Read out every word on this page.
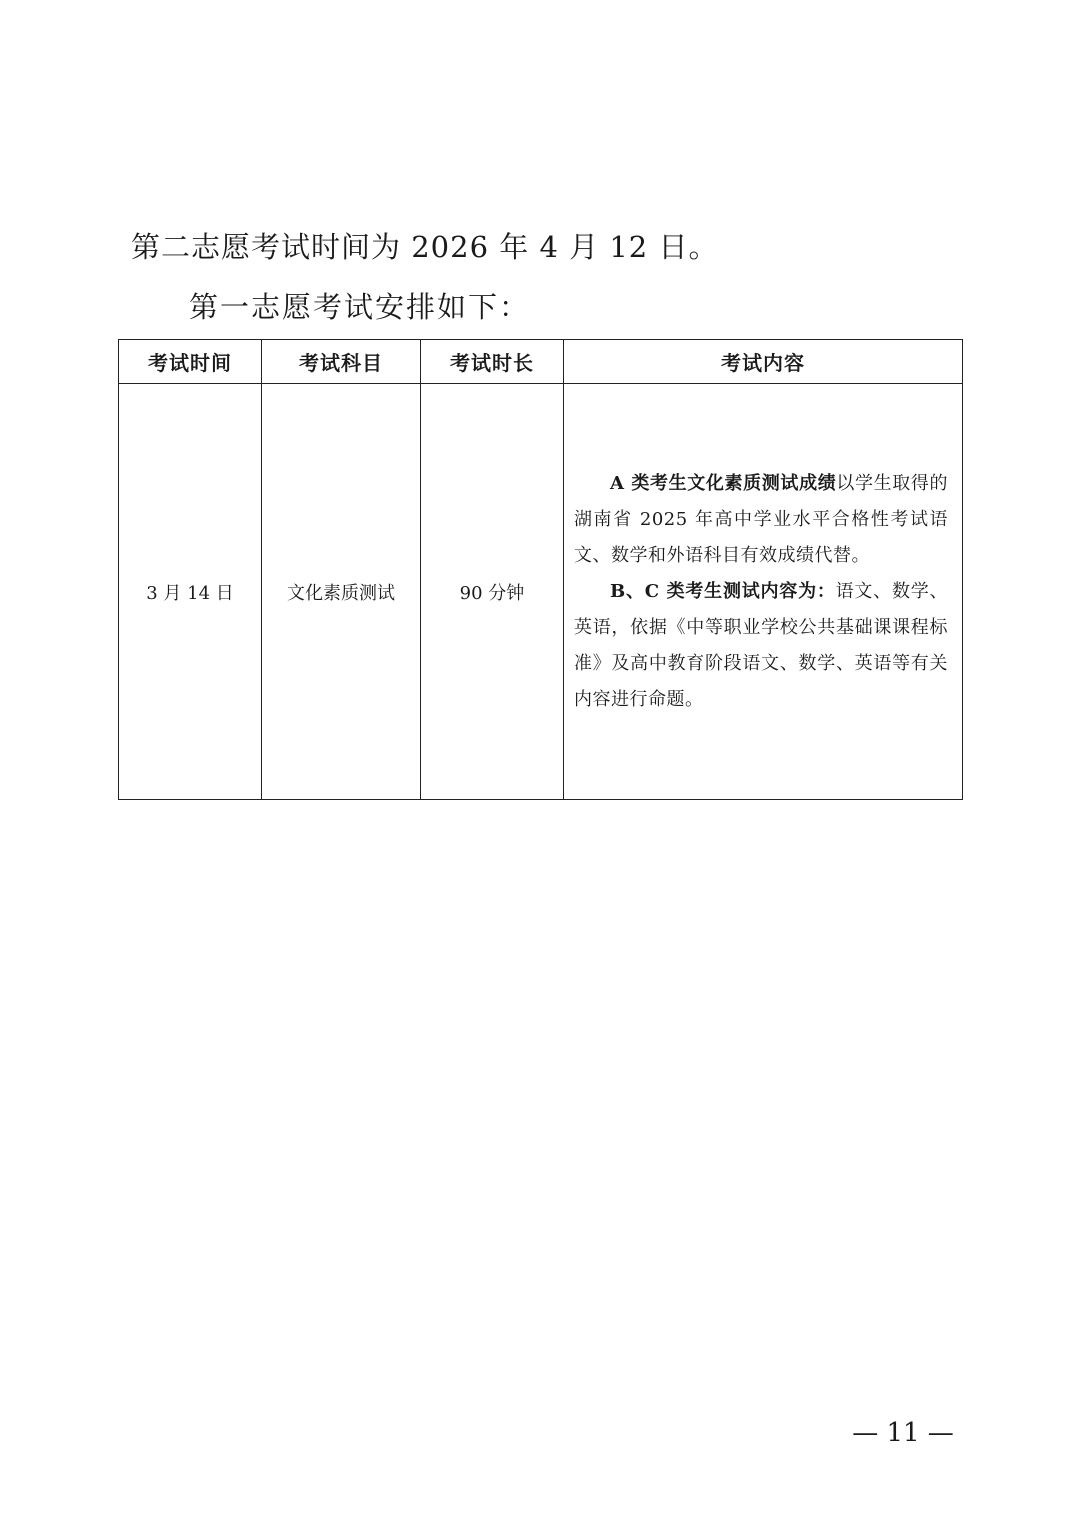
第二志愿考试时间为 2026 年 4 月 12 日。

第一志愿考试安排如下：

考试时间	考试科目	考试时长	考试内容
3 月 14 日	文化素质测试	90 分钟	A 类考生文化素质测试成绩以学生取得的湖南省 2025 年高中学业水平合格性考试语文、数学和外语科目有效成绩代替。

B、C 类考生测试内容为：语文、数学、英语，依据《中等职业学校公共基础课课程标准》及高中教育阶段语文、数学、英语等有关内容进行命题。

— 11 —
